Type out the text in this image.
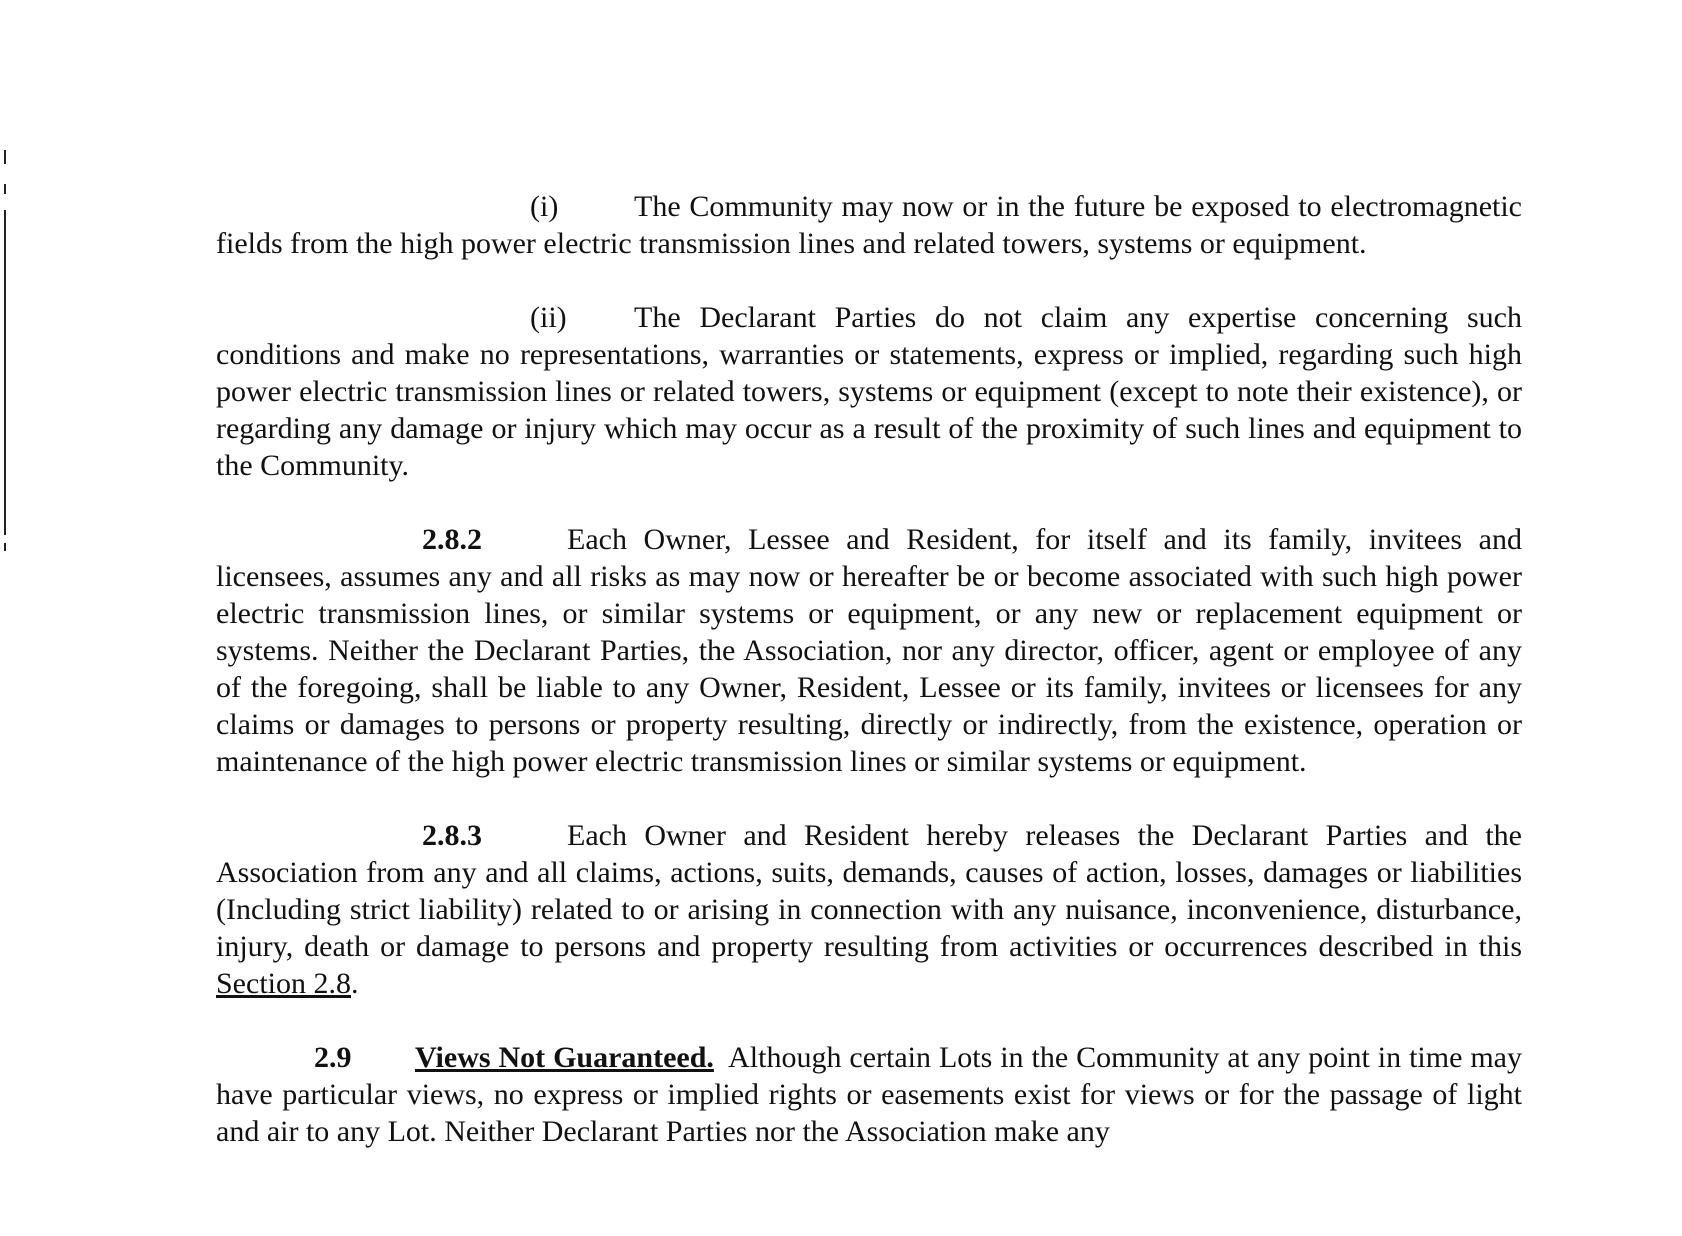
(i)	The Community may now or in the future be exposed to electromagnetic fields from the high power electric transmission lines and related towers, systems or equipment.

(ii) The Declarant Parties do not claim any expertise concerning such conditions and make no representations, warranties or statements, express or implied, regarding such high power electric transmission lines or related towers, systems or equipment (except to note their existence), or regarding any damage or injury which may occur as a result of the proximity of such lines and equipment to the Community.

2.8.2	Each Owner, Lessee and Resident, for itself and its family, invitees and licensees, assumes any and all risks as may now or hereafter be or become associated with such high power electric transmission lines, or similar systems or equipment, or any new or replacement equipment or systems. Neither the Declarant Parties, the Association, nor any director, officer, agent or employee of any of the foregoing, shall be liable to any Owner, Resident, Lessee or its family, invitees or licensees for any claims or damages to persons or property resulting, directly or indirectly, from the existence, operation or maintenance of the high power electric transmission lines or similar systems or equipment.

2.8.3	Each Owner and Resident hereby releases the Declarant Parties and the Association from any and all claims, actions, suits, demands, causes of action, losses, damages or liabilities (Including strict liability) related to or arising in connection with any nuisance, inconvenience, disturbance, injury, death or damage to persons and property resulting from activities or occurrences described in this Section 2.8.

2.9 Views Not Guaranteed. Although certain Lots in the Community at any point in time may have particular views, no express or implied rights or easements exist for views or for the passage of light and air to any Lot. Neither Declarant Parties nor the Association make any
